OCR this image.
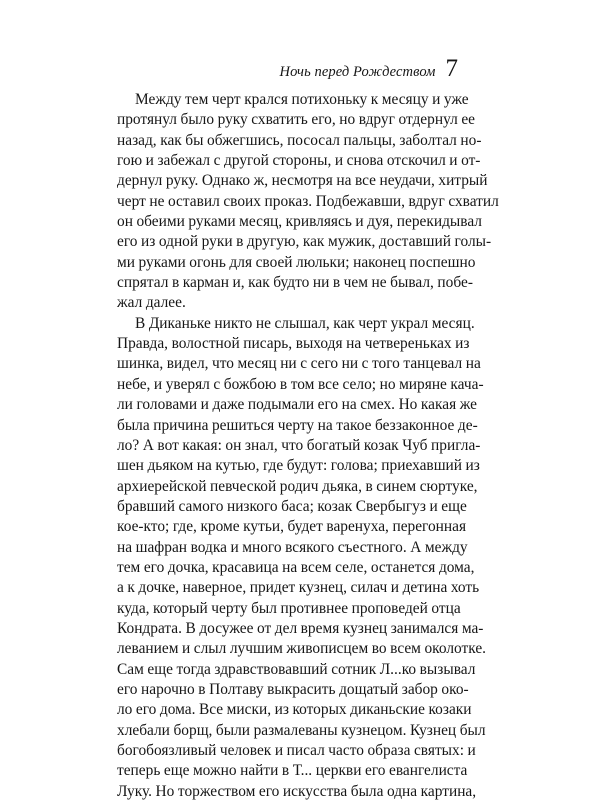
Ночь перед Рождеством 7
Между тем черт крался потихоньку к месяцу и уже
протянул было руку схватить его, но вдруг отдернул ее
назад, как бы обжегшись, пососал пальцы, заболтал но-
гою и забежал с другой стороны, и снова отскочил и от-
дернул руку. Однако ж, несмотря на все неудачи, хитрый
черт не оставил своих проказ. Подбежавши, вдруг схватил
он обеими руками месяц, кривляясь и дуя, перекидывал
его из одной руки в другую, как мужик, доставший голы-
ми руками огонь для своей люльки; наконец поспешно
спрятал в карман и, как будто ни в чем не бывал, побе-
жал далее.
В Диканьке никто не слышал, как черт украл месяц.
Правда, волостной писарь, выходя на четвереньках из
шинка, видел, что месяц ни с сего ни с того танцевал на
небе, и уверял с божбою в том все село; но миряне кача-
ли головами и даже подымали его на смех. Но какая же
была причина решиться черту на такое беззаконное де-
ло? А вот какая: он знал, что богатый козак Чуб пригла-
шен дьяком на кутью, где будут: голова; приехавший из
архиерейской певческой родич дьяка, в синем сюртуке,
бравший самого низкого баса; козак Свербыгуз и еще
кое-кто; где, кроме кутьи, будет варенуха, перегонная
на шафран водка и много всякого съестного. А между
тем его дочка, красавица на всем селе, останется дома,
а к дочке, наверное, придет кузнец, силач и детина хоть
куда, который черту был противнее проповедей отца
Кондрата. В досужее от дел время кузнец занимался ма-
леванием и слыл лучшим живописцем во всем околотке.
Сам еще тогда здравствовавший сотник Л...ко вызывал
его нарочно в Полтаву выкрасить дощатый забор око-
ло его дома. Все миски, из которых диканьские козаки
хлебали борщ, были размалеваны кузнецом. Кузнец был
богобоязливый человек и писал часто образа святых: и
теперь еще можно найти в Т... церкви его евангелиста
Луку. Но торжеством его искусства была одна картина,
